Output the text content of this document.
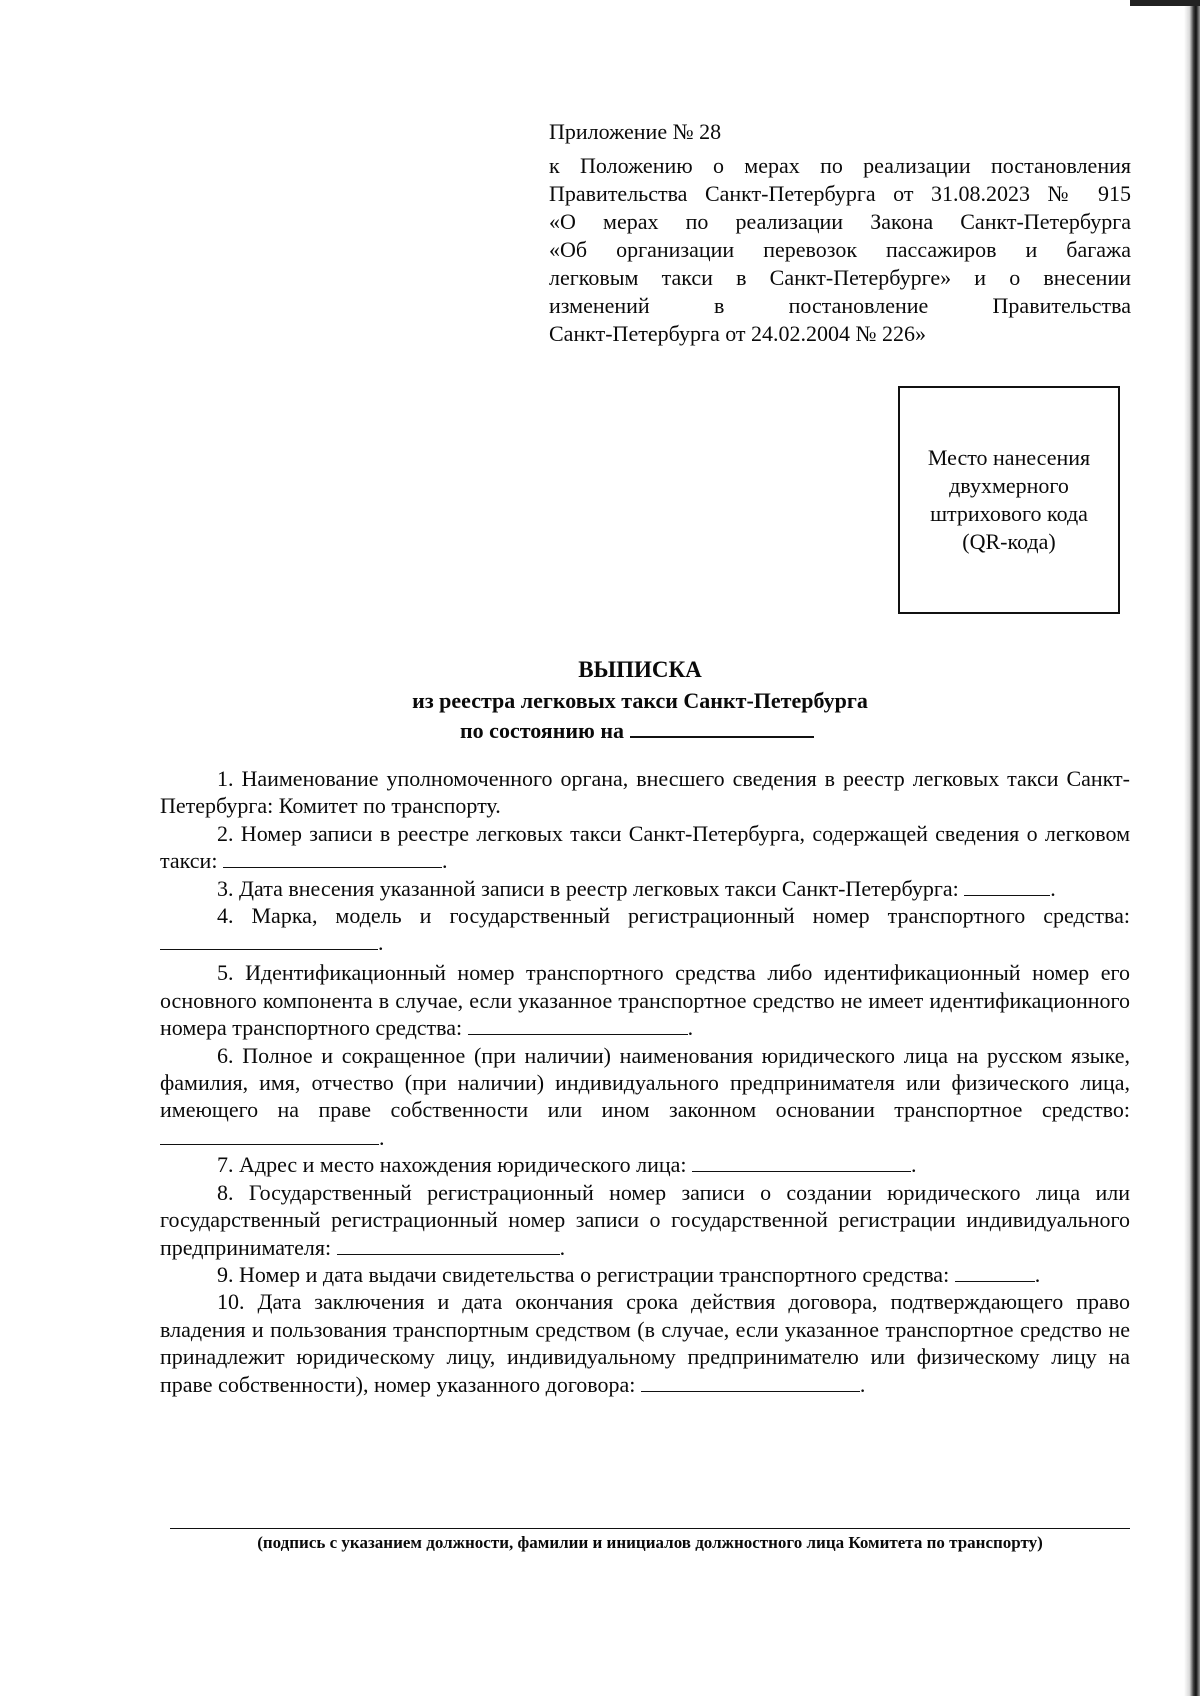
Приложение № 28

к Положению о мерах по реализации постановления
Правительства Санкт-Петербурга от 31.08.2023 № 915
«О мерах по реализации Закона Санкт-Петербурга
«Об организации перевозок пассажиров и багажа
легковым такси в Санкт-Петербурге» и о внесении
изменений в постановление Правительства
Санкт-Петербурга от 24.02.2004 № 226»
Место нанесения двухмерного штрихового кода (QR-кода)
ВЫПИСКА
из реестра легковых такси Санкт-Петербурга
по состоянию на

1. Наименование уполномоченного органа, внесшего сведения в реестр легковых такси Санкт-Петербурга: Комитет по транспорту.

2. Номер записи в реестре легковых такси Санкт-Петербурга, содержащей сведения о легковом такси:	.

3. Дата внесения указанной записи в реестр легковых такси Санкт-Петербурга:	.

4. Марка, модель и государственный регистрационный номер транспортного средства:

.

5. Идентификационный номер транспортного средства либо идентификационный номер его основного компонента в случае, если указанное транспортное средство не имеет идентификационного номера транспортного средства:	.

6. Полное и сокращенное (при наличии) наименования юридического лица на русском языке, фамилия, имя, отчество (при наличии) индивидуального предпринимателя или физического лица, имеющего на праве собственности или ином законном основании транспортное средство: .

7. Адрес и место нахождения юридического лица:	.

8. Государственный регистрационный номер записи о создании юридического лица или государственный регистрационный номер записи о государственной регистрации индивидуального предпринимателя:	.

9. Номер и дата выдачи свидетельства о регистрации транспортного средства:	.

10. Дата заключения и дата окончания срока действия договора, подтверждающего право владения и пользования транспортным средством (в случае, если указанное транспортное средство не принадлежит юридическому лицу, индивидуальному предпринимателю или физическому лицу на праве собственности), номер указанного договора:	.

(подпись с указанием должности, фамилии и инициалов должностного лица Комитета по транспорту)
